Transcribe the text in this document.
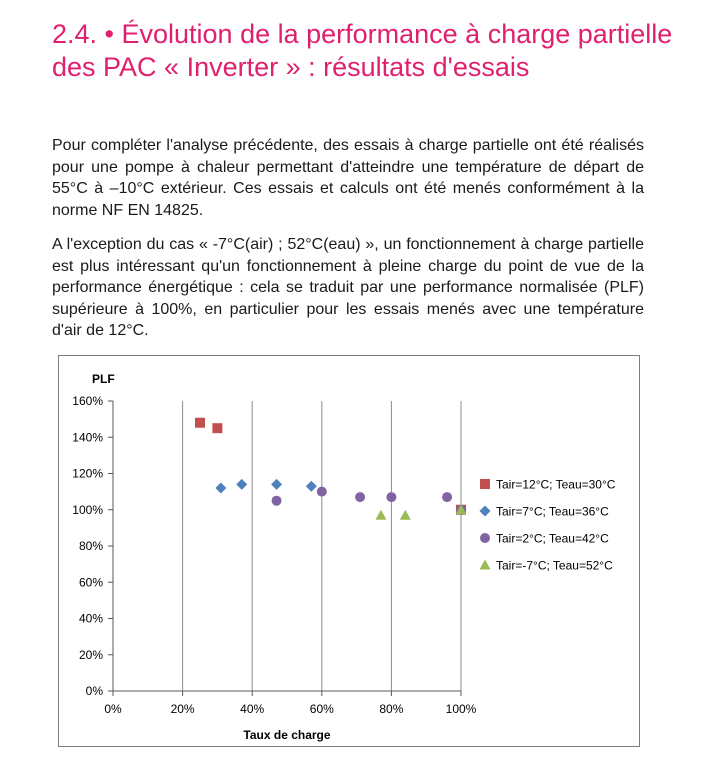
2.4. • Évolution de la performance à charge partielle des PAC « Inverter » : résultats d'essais

Pour compléter l'analyse précédente, des essais à charge partielle ont été réalisés pour une pompe à chaleur permettant d'atteindre une température de départ de 55°C à –10°C extérieur. Ces essais et calculs ont été menés conformément à la norme NF EN 14825.

A l'exception du cas « -7°C(air) ; 52°C(eau) », un fonctionnement à charge partielle est plus intéressant qu'un fonctionnement à pleine charge du point de vue de la performance énergétique : cela se traduit par une performance normalisée (PLF) supérieure à 100%, en particulier pour les essais menés avec une température d'air de 12°C.

0%
20%
40%
60%
80%
100%
120%
140%
160%
0%	20%	40%	60%	80%	100%
PLF
Taux de charge
Tair=12°C; Teau=30°C
Tair=7°C; Teau=36°C
Tair=2°C; Teau=42°C
Tair=-7°C; Teau=52°C
